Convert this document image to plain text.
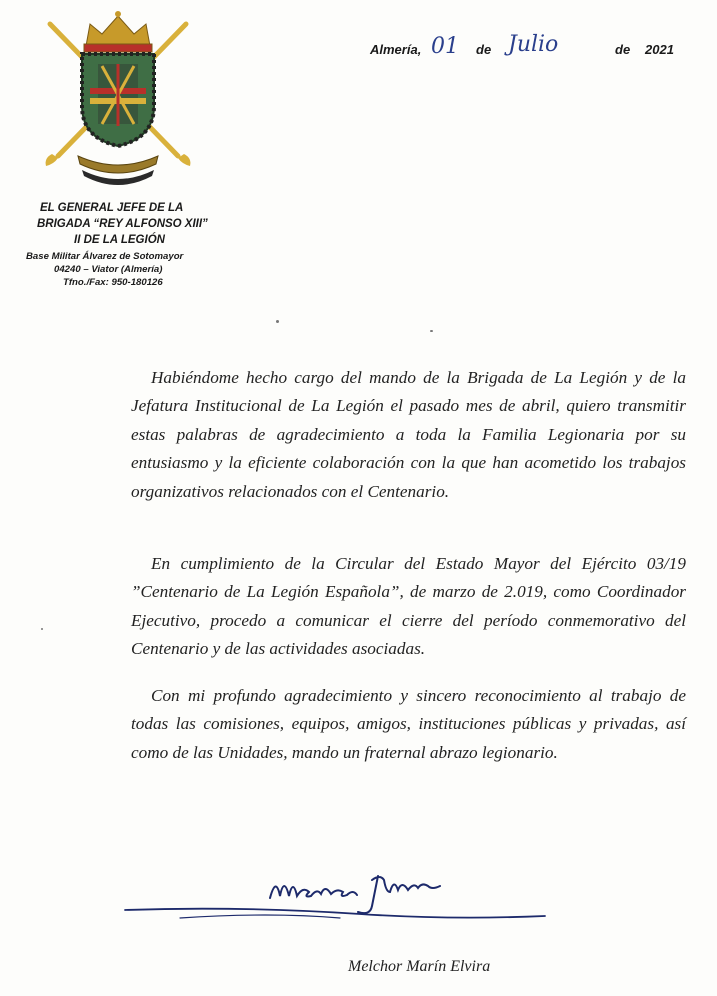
EL GENERAL JEFE DE LA
BRIGADA “REY ALFONSO XIII”
II DE LA LEGIÓN
Base Militar Álvarez de Sotomayor
04240 – Viator (Almería)
Tfno./Fax: 950-180126
Almería, 01 de Julio	de 2021

Habiéndome hecho cargo del mando de la Brigada de La Legión y de la Jefatura Institucional de La Legión el pasado mes de abril, quiero transmitir estas palabras de agradecimiento a toda la Familia Legionaria por su entusiasmo y la eficiente colaboración con la que han acometido los trabajos organizativos relacionados con el Centenario.

En cumplimiento de la Circular del Estado Mayor del Ejército 03/19 ”Centenario de La Legión Española”, de marzo de 2.019, como Coordinador Ejecutivo, procedo a comunicar el cierre del período conmemorativo del Centenario y de las actividades asociadas.

Con mi profundo agradecimiento y sincero reconocimiento al trabajo de todas las comisiones, equipos, amigos, instituciones públicas y privadas, así como de las Unidades, mando un fraternal abrazo legionario.

Melchor Marín Elvira
